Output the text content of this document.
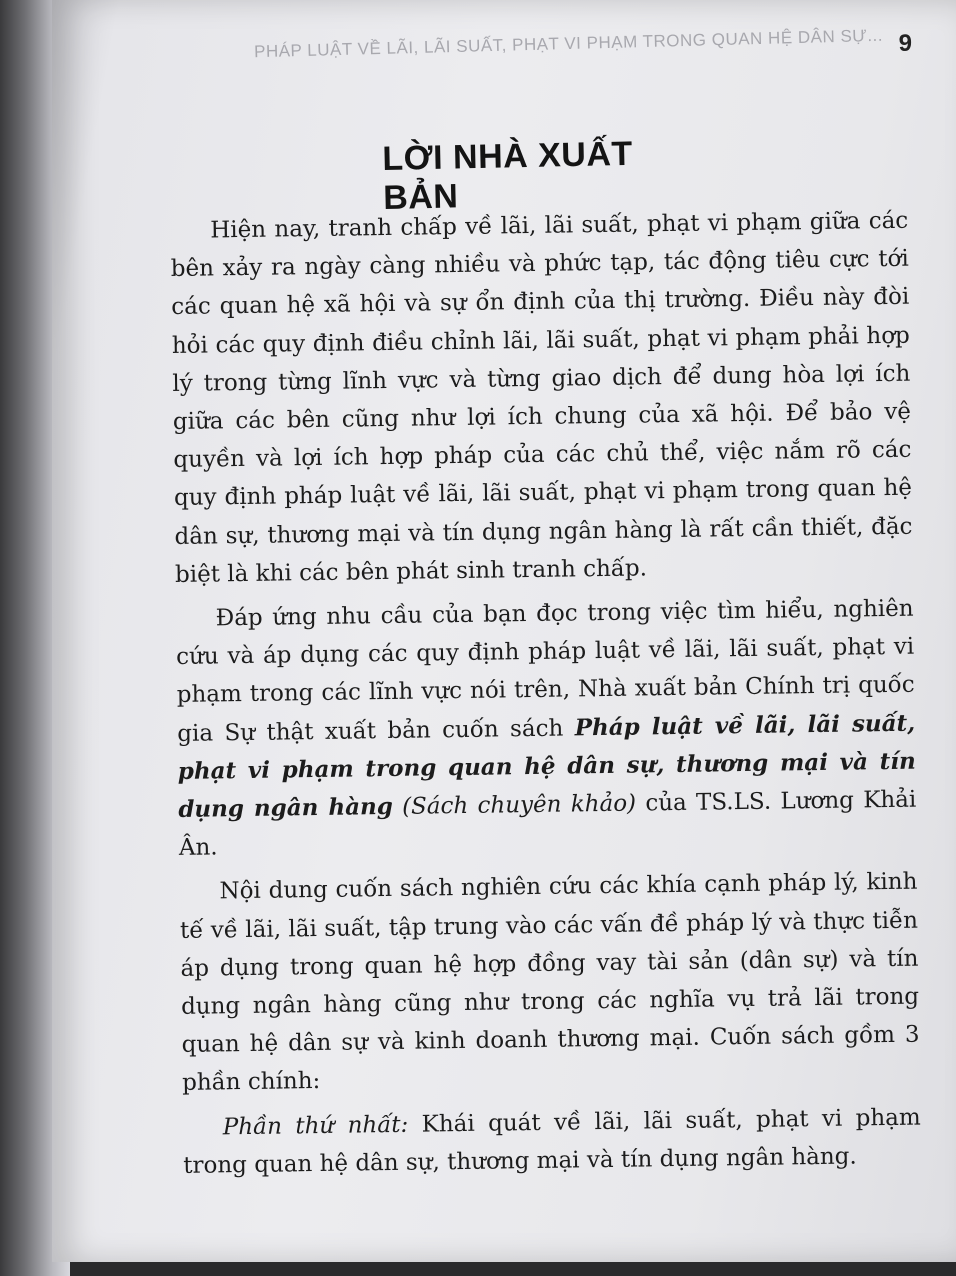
PHÁP LUẬT VỀ LÃI, LÃI SUẤT, PHẠT VI PHẠM TRONG QUAN HỆ DÂN SỰ... 9
LỜI NHÀ XUẤT BẢN

Hiện nay, tranh chấp về lãi, lãi suất, phạt vi phạm giữa các bên xảy ra ngày càng nhiều và phức tạp, tác động tiêu cực tới các quan hệ xã hội và sự ổn định của thị trường. Điều này đòi hỏi các quy định điều chỉnh lãi, lãi suất, phạt vi phạm phải hợp lý trong từng lĩnh vực và từng giao dịch để dung hòa lợi ích giữa các bên cũng như lợi ích chung của xã hội. Để bảo vệ quyền và lợi ích hợp pháp của các chủ thể, việc nắm rõ các quy định pháp luật về lãi, lãi suất, phạt vi phạm trong quan hệ dân sự, thương mại và tín dụng ngân hàng là rất cần thiết, đặc biệt là khi các bên phát sinh tranh chấp.

Đáp ứng nhu cầu của bạn đọc trong việc tìm hiểu, nghiên cứu và áp dụng các quy định pháp luật về lãi, lãi suất, phạt vi phạm trong các lĩnh vực nói trên, Nhà xuất bản Chính trị quốc gia Sự thật xuất bản cuốn sách Pháp luật về lãi, lãi suất, phạt vi phạm trong quan hệ dân sự, thương mại và tín dụng ngân hàng (Sách chuyên khảo) của TS.LS. Lương Khải Ân.

Nội dung cuốn sách nghiên cứu các khía cạnh pháp lý, kinh tế về lãi, lãi suất, tập trung vào các vấn đề pháp lý và thực tiễn áp dụng trong quan hệ hợp đồng vay tài sản (dân sự) và tín dụng ngân hàng cũng như trong các nghĩa vụ trả lãi trong quan hệ dân sự và kinh doanh thương mại. Cuốn sách gồm 3 phần chính:

Phần thứ nhất: Khái quát về lãi, lãi suất, phạt vi phạm trong quan hệ dân sự, thương mại và tín dụng ngân hàng.
